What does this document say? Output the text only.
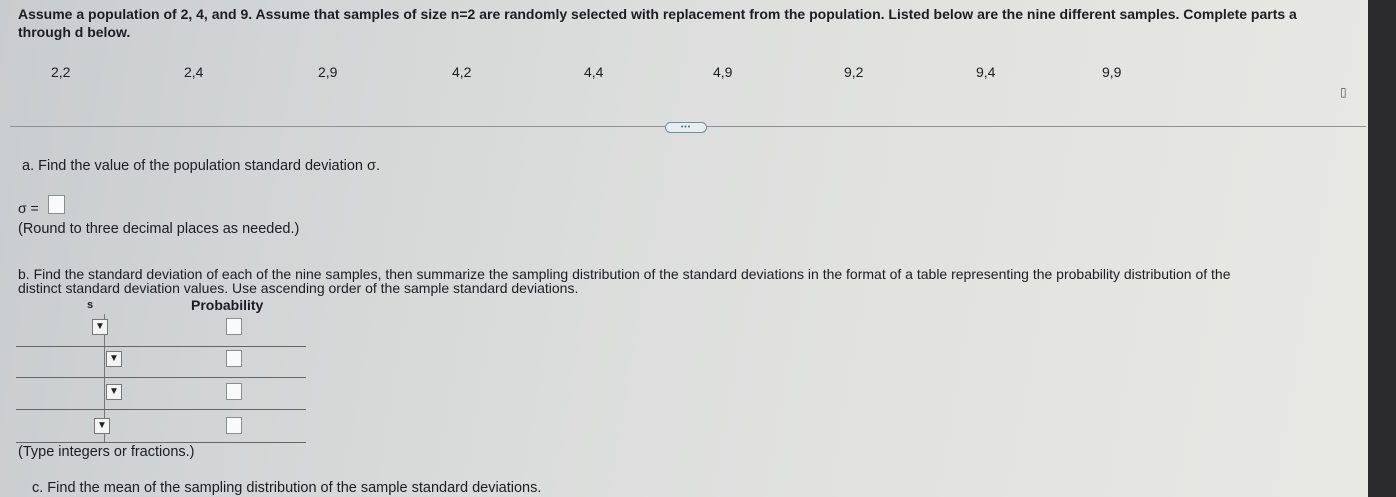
Assume a population of 2, 4, and 9. Assume that samples of size n=2 are randomly selected with replacement from the population. Listed below are the nine different samples. Complete parts a
through d below.
2,2	2,4	2,9	4,2	4,4	4,9	9,2	9,4	9,9
▯
•••
a. Find the value of the population standard deviation σ.
σ =
(Round to three decimal places as needed.)
b. Find the standard deviation of each of the nine samples, then summarize the sampling distribution of the standard deviations in the format of a table representing the probability distribution of the
distinct standard deviation values. Use ascending order of the sample standard deviations.
s	Probability
▼
▼
▼
▼
(Type integers or fractions.)
c. Find the mean of the sampling distribution of the sample standard deviations.
